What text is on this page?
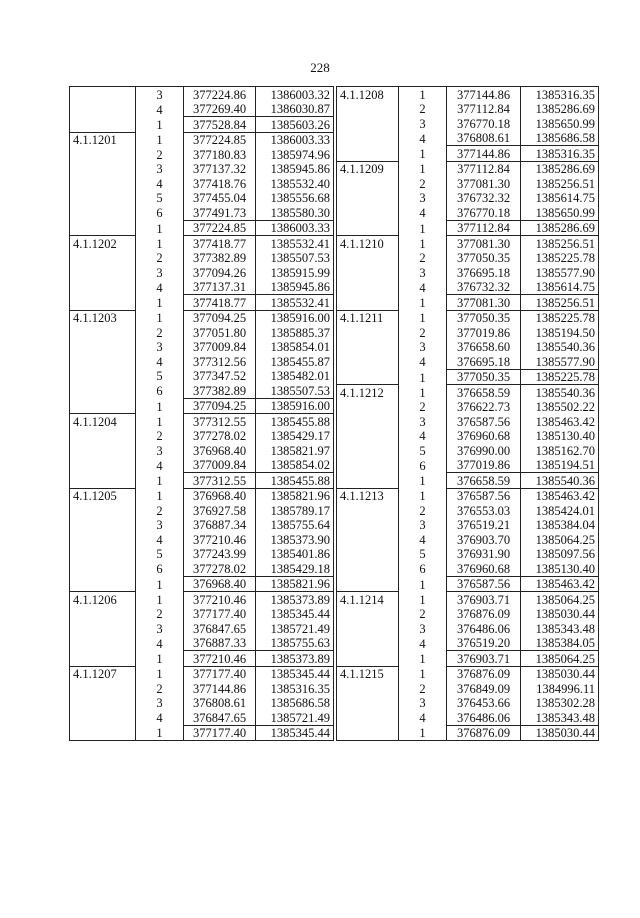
228
	3	377224.86	1386003.32
	4	377269.40	1386030.87
	1	377528.84	1385603.26
4.1.1201	1	377224.85	1386003.33
	2	377180.83	1385974.96
	3	377137.32	1385945.86
	4	377418.76	1385532.40
	5	377455.04	1385556.68
	6	377491.73	1385580.30
	1	377224.85	1386003.33
4.1.1202	1	377418.77	1385532.41
	2	377382.89	1385507.53
	3	377094.26	1385915.99
	4	377137.31	1385945.86
	1	377418.77	1385532.41
4.1.1203	1	377094.25	1385916.00
	2	377051.80	1385885.37
	3	377009.84	1385854.01
	4	377312.56	1385455.87
	5	377347.52	1385482.01
	6	377382.89	1385507.53
	1	377094.25	1385916.00
4.1.1204	1	377312.55	1385455.88
	2	377278.02	1385429.17
	3	376968.40	1385821.97
	4	377009.84	1385854.02
	1	377312.55	1385455.88
4.1.1205	1	376968.40	1385821.96
	2	376927.58	1385789.17
	3	376887.34	1385755.64
	4	377210.46	1385373.90
	5	377243.99	1385401.86
	6	377278.02	1385429.18
	1	376968.40	1385821.96
4.1.1206	1	377210.46	1385373.89
	2	377177.40	1385345.44
	3	376847.65	1385721.49
	4	376887.33	1385755.63
	1	377210.46	1385373.89
4.1.1207	1	377177.40	1385345.44
	2	377144.86	1385316.35
	3	376808.61	1385686.58
	4	376847.65	1385721.49
	1	377177.40	1385345.44
4.1.1208	1	377144.86	1385316.35
	2	377112.84	1385286.69
	3	376770.18	1385650.99
	4	376808.61	1385686.58
	1	377144.86	1385316.35
4.1.1209	1	377112.84	1385286.69
	2	377081.30	1385256.51
	3	376732.32	1385614.75
	4	376770.18	1385650.99
	1	377112.84	1385286.69
4.1.1210	1	377081.30	1385256.51
	2	377050.35	1385225.78
	3	376695.18	1385577.90
	4	376732.32	1385614.75
	1	377081.30	1385256.51
4.1.1211	1	377050.35	1385225.78
	2	377019.86	1385194.50
	3	376658.60	1385540.36
	4	376695.18	1385577.90
	1	377050.35	1385225.78
4.1.1212	1	376658.59	1385540.36
	2	376622.73	1385502.22
	3	376587.56	1385463.42
	4	376960.68	1385130.40
	5	376990.00	1385162.70
	6	377019.86	1385194.51
	1	376658.59	1385540.36
4.1.1213	1	376587.56	1385463.42
	2	376553.03	1385424.01
	3	376519.21	1385384.04
	4	376903.70	1385064.25
	5	376931.90	1385097.56
	6	376960.68	1385130.40
	1	376587.56	1385463.42
4.1.1214	1	376903.71	1385064.25
	2	376876.09	1385030.44
	3	376486.06	1385343.48
	4	376519.20	1385384.05
	1	376903.71	1385064.25
4.1.1215	1	376876.09	1385030.44
	2	376849.09	1384996.11
	3	376453.66	1385302.28
	4	376486.06	1385343.48
	1	376876.09	1385030.44
